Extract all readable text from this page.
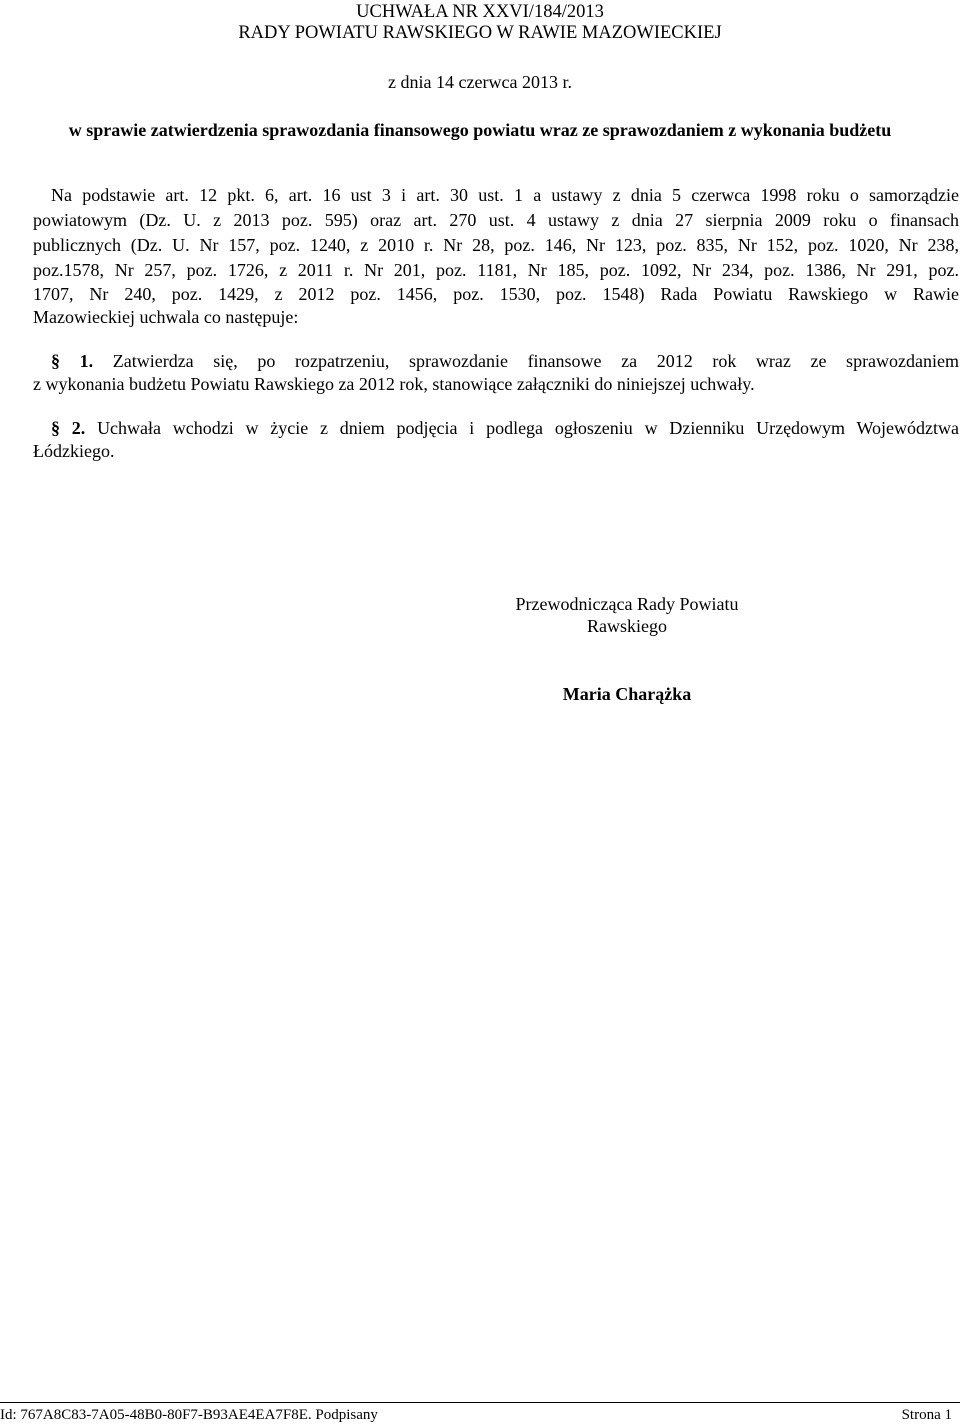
UCHWAŁA NR XXVI/184/2013
RADY POWIATU RAWSKIEGO W RAWIE MAZOWIECKIEJ
z dnia 14 czerwca 2013 r.
w sprawie zatwierdzenia sprawozdania finansowego powiatu wraz ze sprawozdaniem z wykonania budżetu
Na podstawie art. 12 pkt. 6, art. 16 ust 3 i art. 30 ust. 1 a ustawy z dnia 5 czerwca 1998 roku o samorządzie
powiatowym (Dz. U. z 2013 poz. 595) oraz art. 270 ust. 4 ustawy z dnia 27 sierpnia 2009 roku o finansach
publicznych (Dz. U. Nr 157, poz. 1240, z 2010 r. Nr 28, poz. 146, Nr 123, poz. 835, Nr 152, poz. 1020, Nr 238,
poz.1578, Nr 257, poz. 1726, z 2011 r. Nr 201, poz. 1181, Nr 185, poz. 1092, Nr 234, poz. 1386, Nr 291, poz.
1707, Nr 240, poz. 1429, z 2012 poz. 1456, poz. 1530, poz. 1548) Rada Powiatu Rawskiego w Rawie
Mazowieckiej uchwala co następuje:
§ 1. Zatwierdza się, po rozpatrzeniu, sprawozdanie finansowe za 2012 rok wraz ze sprawozdaniem
z wykonania budżetu Powiatu Rawskiego za 2012 rok, stanowiące załączniki do niniejszej uchwały.
§ 2. Uchwała wchodzi w życie z dniem podjęcia i podlega ogłoszeniu w Dzienniku Urzędowym Województwa
Łódzkiego.
Przewodnicząca Rady Powiatu
Rawskiego
Maria Charążka
Id: 767A8C83-7A05-48B0-80F7-B93AE4EA7F8E. Podpisany	Strona 1
